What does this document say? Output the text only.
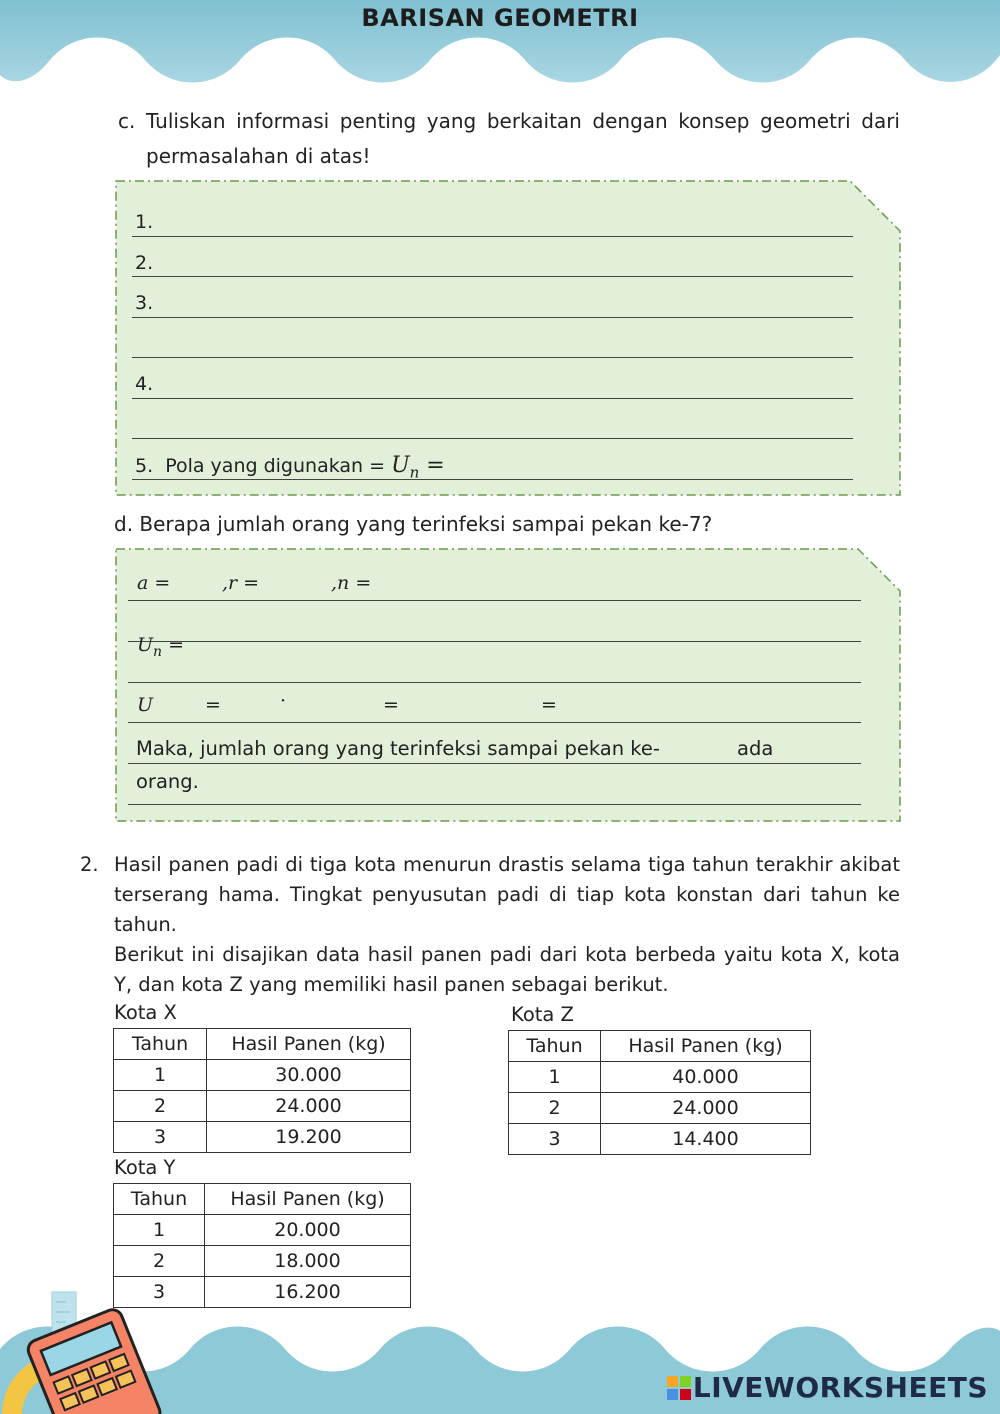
BARISAN GEOMETRI
c. Tuliskan informasi penting yang berkaitan dengan konsep geometri dari
permasalahan di atas!
1.
2.
3.
4.
5. Pola yang digunakan = $U_n$ =
d. Berapa jumlah orang yang terinfeksi sampai pekan ke-7?
a =	,r =	,n =
$U_n$ =
U	=	·	=	=
Maka, jumlah orang yang terinfeksi sampai pekan ke-	ada
orang.
2. Hasil panen padi di tiga kota menurun drastis selama tiga tahun terakhir akibat terserang hama. Tingkat penyusutan padi di tiap kota konstan dari tahun ke tahun.
Berikut ini disajikan data hasil panen padi dari kota berbeda yaitu kota X, kota Y, dan kota Z yang memiliki hasil panen sebagai berikut.
Kota X
Tahun	Hasil Panen (kg)
1	30.000
2	24.000
3	19.200
Kota Z
Tahun	Hasil Panen (kg)
1	40.000
2	24.000
3	14.400
Kota Y
Tahun	Hasil Panen (kg)
1	20.000
2	18.000
3	16.200
LIVEWORKSHEETS
